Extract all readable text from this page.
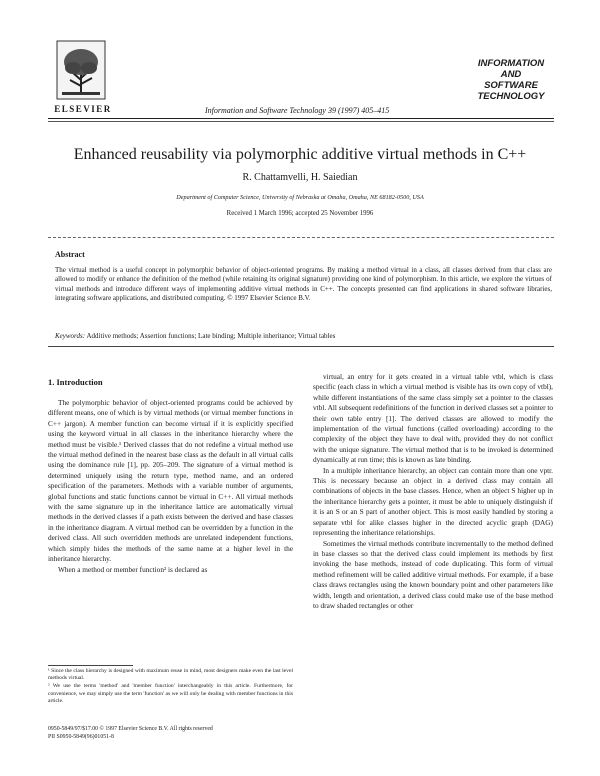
ELSEVIER	Information and Software Technology 39 (1997) 405–415
INFORMATION
AND
SOFTWARE
TECHNOLOGY
Enhanced reusability via polymorphic additive virtual methods in C++
R. Chattamvelli, H. Saiedian
Department of Computer Science, University of Nebraska at Omaha, Omaha, NE 68182-0500, USA
Received 1 March 1996; accepted 25 November 1996
Abstract
The virtual method is a useful concept in polymorphic behavior of object-oriented programs. By making a method virtual in a class, all classes derived from that class are allowed to modify or enhance the definition of the method (while retaining its original signature) providing one kind of polymorphism. In this article, we explore the virtues of virtual methods and introduce different ways of implementing additive virtual methods in C++. The concepts presented can find applications in shared software libraries, integrating software applications, and distributed computing. © 1997 Elsevier Science B.V.
Keywords: Additive methods; Assertion functions; Late binding; Multiple inheritance; Virtual tables
1. Introduction

The polymorphic behavior of object-oriented programs could be achieved by different means, one of which is by virtual methods (or virtual member functions in C++ jargon). A member function can become virtual if it is explicitly specified using the keyword virtual in all classes in the inheritance hierarchy where the method must be visible.¹ Derived classes that do not redefine a virtual method use the virtual method defined in the nearest base class as the default in all virtual calls using the dominance rule [1], pp. 205–209. The signature of a virtual method is determined uniquely using the return type, method name, and an ordered specification of the parameters. Methods with a variable number of arguments, global functions and static functions cannot be virtual in C++. All virtual methods with the same signature up in the inheritance lattice are automatically virtual methods in the derived classes if a path exists between the derived and base classes in the inheritance diagram. A virtual method can be overridden by a function in the derived class. All such overridden methods are unrelated independent functions, which simply hides the methods of the same name at a higher level in the inheritance hierarchy.

When a method or member function² is declared as

virtual, an entry for it gets created in a virtual table vtbl, which is class specific (each class in which a virtual method is visible has its own copy of vtbl), while different instantiations of the same class simply set a pointer to the classes vtbl. All subsequent redefinitions of the function in derived classes set a pointer to their own table entry [1]. The derived classes are allowed to modify the implementation of the virtual functions (called overloading) according to the complexity of the object they have to deal with, provided they do not conflict with the unique signature. The virtual method that is to be invoked is determined dynamically at run time; this is known as late binding.

In a multiple inheritance hierarchy, an object can contain more than one vptr. This is necessary because an object in a derived class may contain all combinations of objects in the base classes. Hence, when an object S higher up in the inheritance hierarchy gets a pointer, it must be able to uniquely distinguish if it is an S or an S part of another object. This is most easily handled by storing a separate vtbl for alike classes higher in the directed acyclic graph (DAG) representing the inheritance relationships.

Sometimes the virtual methods contribute incrementally to the method defined in base classes so that the derived class could implement its methods by first invoking the base methods, instead of code duplicating. This form of virtual method refinement will be called additive virtual methods. For example, if a base class draws rectangles using the known boundary point and other parameters like width, length and orientation, a derived class could make use of the base method to draw shaded rectangles or other

¹ Since the class hierarchy is designed with maximum reuse in mind, most designers make even the last level methods virtual.

² We use the terms 'method' and 'member function' interchangeably in this article. Furthermore, for convenience, we may simply use the term 'function' as we will only be dealing with member functions in this article.

0950-5849/97/$17.00 © 1997 Elsevier Science B.V. All rights reserved
PII S0950-5849(96)01051-8
